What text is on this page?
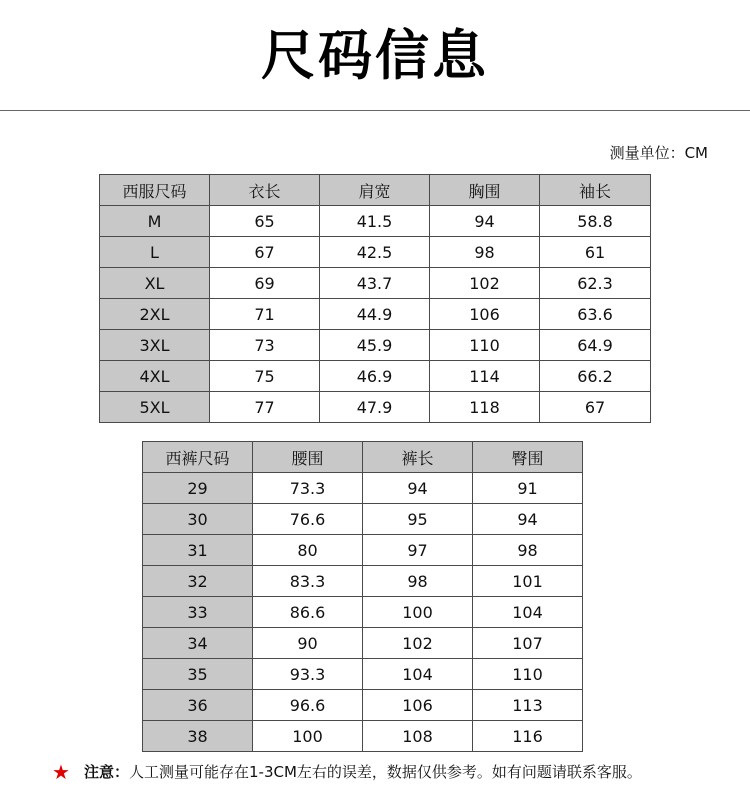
尺码信息
测量单位：CM
西服尺码	衣长	肩宽	胸围	袖长
M	65	41.5	94	58.8
L	67	42.5	98	61
XL	69	43.7	102	62.3
2XL	71	44.9	106	63.6
3XL	73	45.9	110	64.9
4XL	75	46.9	114	66.2
5XL	77	47.9	118	67
西裤尺码	腰围	裤长	臀围
29	73.3	94	91
30	76.6	95	94
31	80	97	98
32	83.3	98	101
33	86.6	100	104
34	90	102	107
35	93.3	104	110
36	96.6	106	113
38	100	108	116
★ 注意：人工测量可能存在1-3CM左右的误差，数据仅供参考。如有问题请联系客服。
